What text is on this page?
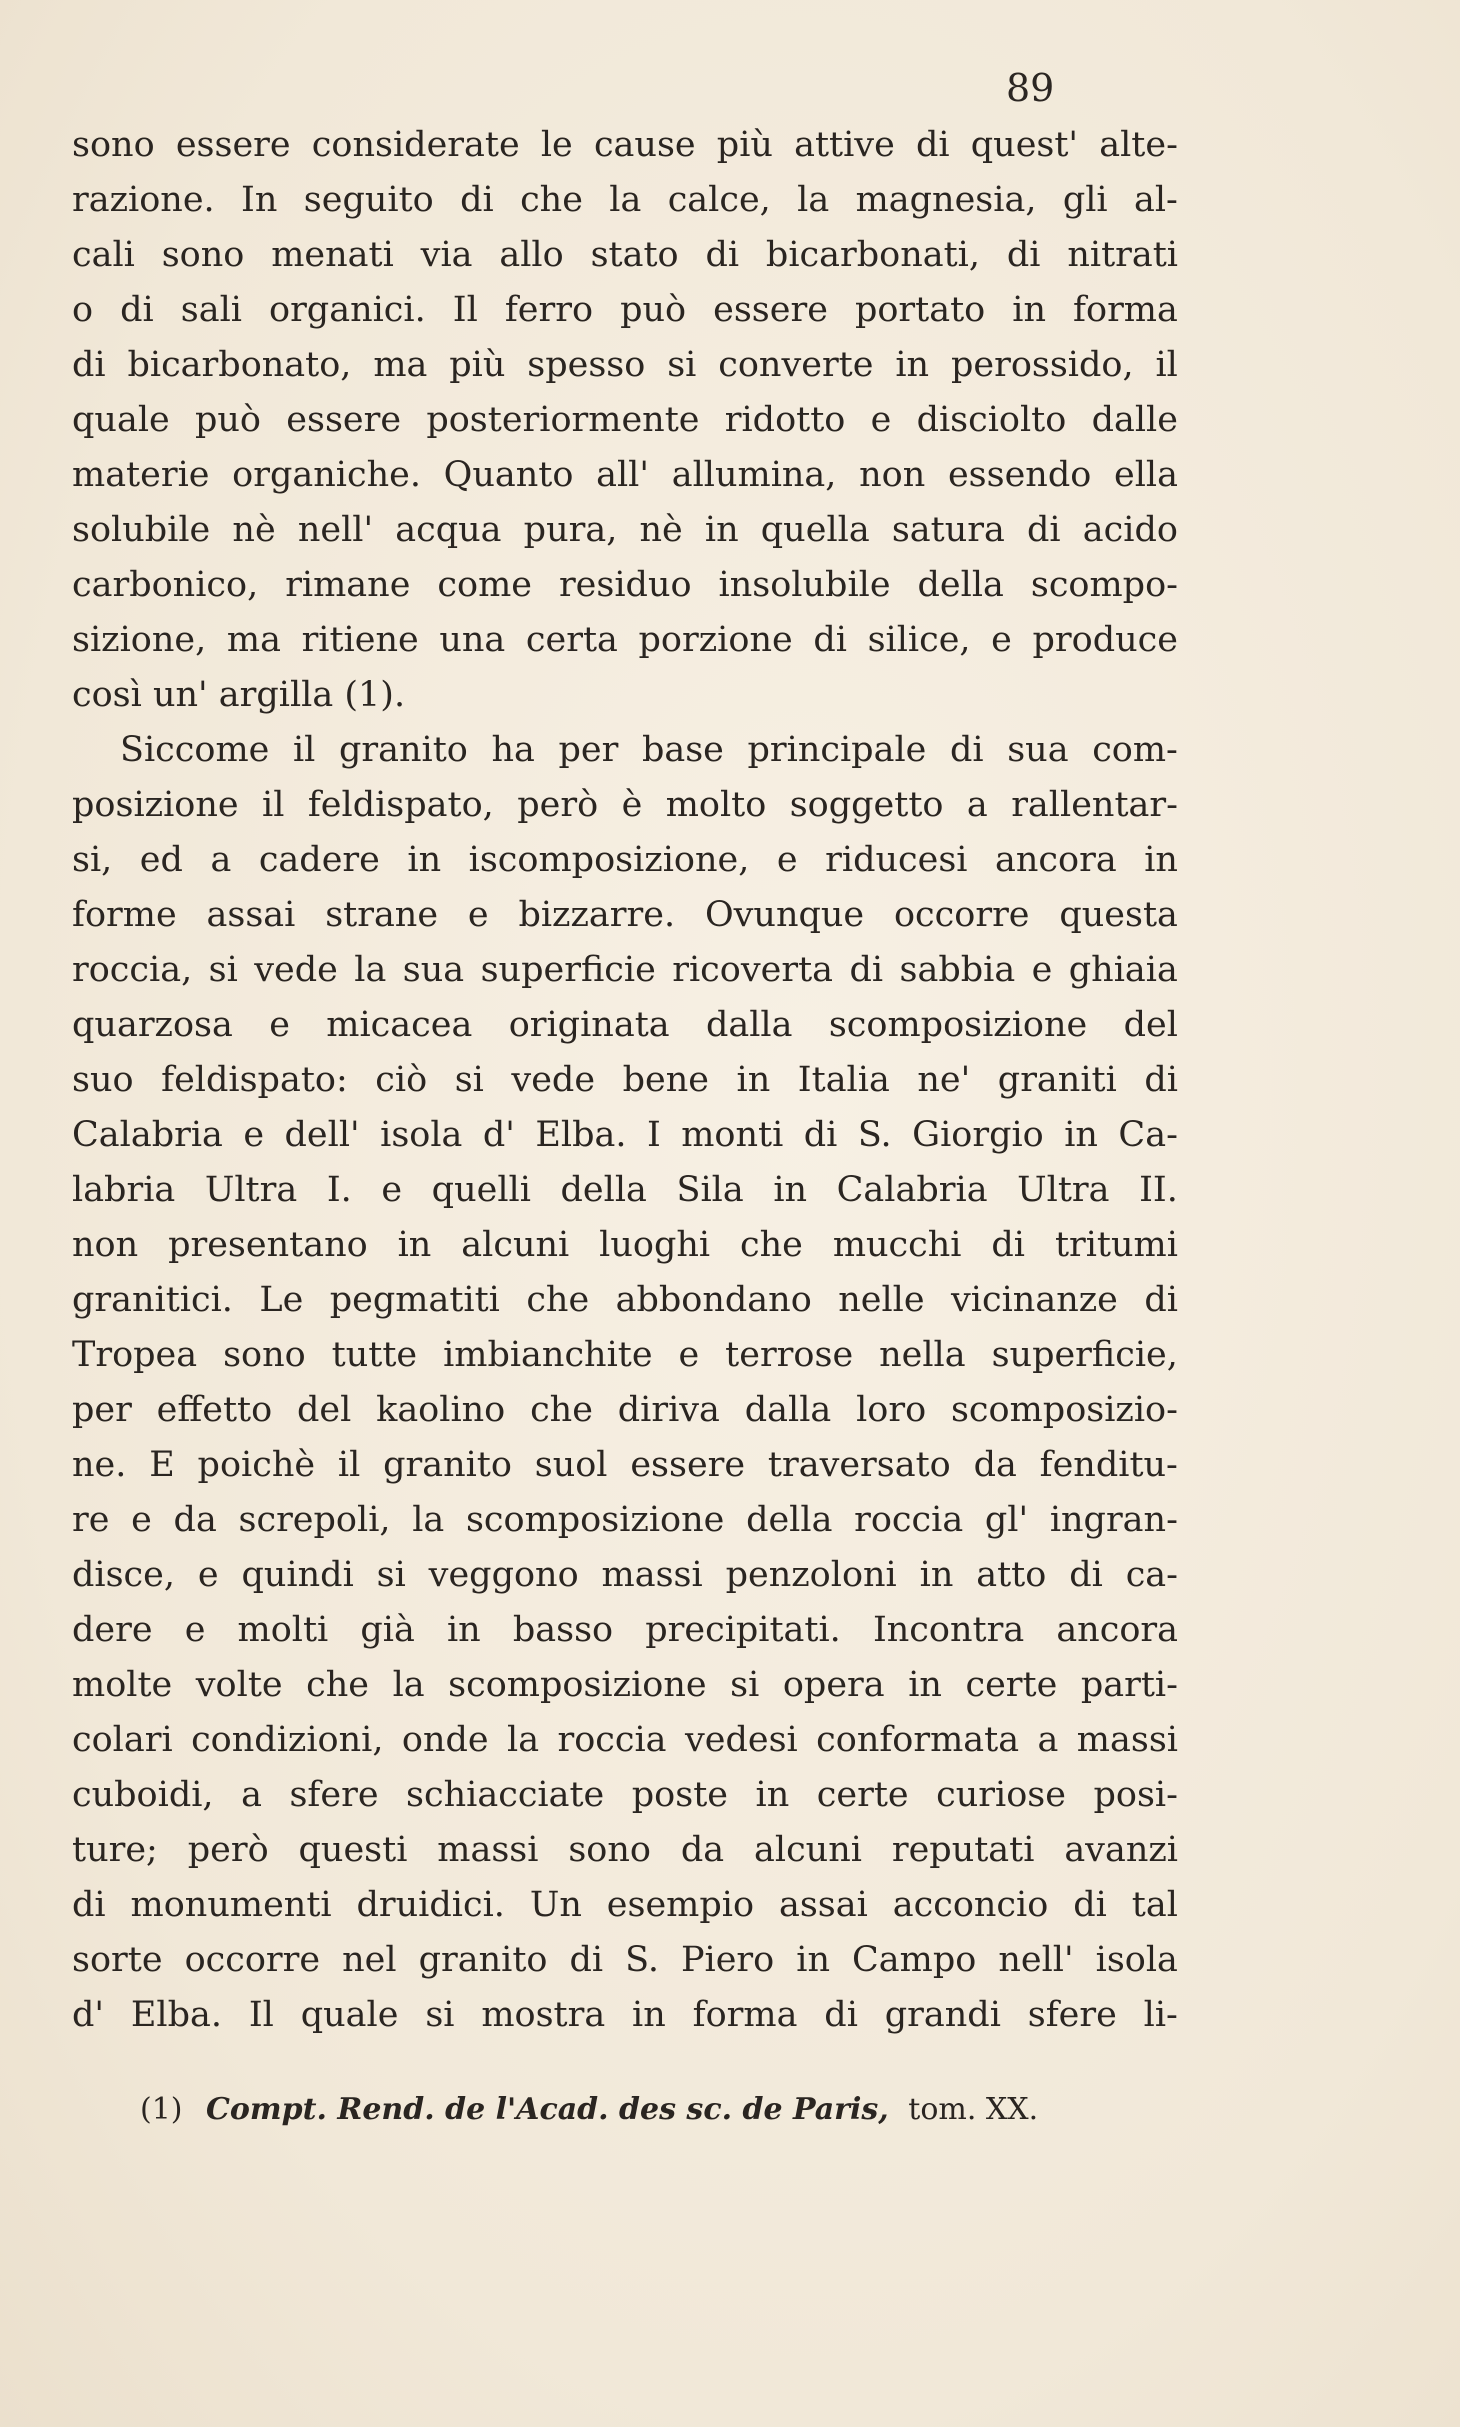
89
sono essere considerate le cause più attive di quest' alte-
razione. In seguito di che la calce, la magnesia, gli al-
cali sono menati via allo stato di bicarbonati, di nitrati
o di sali organici. Il ferro può essere portato in forma
di bicarbonato, ma più spesso si converte in perossido, il
quale può essere posteriormente ridotto e disciolto dalle
materie organiche. Quanto all' allumina, non essendo ella
solubile nè nell' acqua pura, nè in quella satura di acido
carbonico, rimane come residuo insolubile della scompo-
sizione, ma ritiene una certa porzione di silice, e produce
così un' argilla (1).
Siccome il granito ha per base principale di sua com-
posizione il feldispato, però è molto soggetto a rallentar-
si, ed a cadere in iscomposizione, e riducesi ancora in
forme assai strane e bizzarre. Ovunque occorre questa
roccia, si vede la sua superficie ricoverta di sabbia e ghiaia
quarzosa e micacea originata dalla scomposizione del
suo feldispato: ciò si vede bene in Italia ne' graniti di
Calabria e dell' isola d' Elba. I monti di S. Giorgio in Ca-
labria Ultra I. e quelli della Sila in Calabria Ultra II.
non presentano in alcuni luoghi che mucchi di tritumi
granitici. Le pegmatiti che abbondano nelle vicinanze di
Tropea sono tutte imbianchite e terrose nella superficie,
per effetto del kaolino che diriva dalla loro scomposizio-
ne. E poichè il granito suol essere traversato da fenditu-
re e da screpoli, la scomposizione della roccia gl' ingran-
disce, e quindi si veggono massi penzoloni in atto di ca-
dere e molti già in basso precipitati. Incontra ancora
molte volte che la scomposizione si opera in certe parti-
colari condizioni, onde la roccia vedesi conformata a massi
cuboidi, a sfere schiacciate poste in certe curiose posi-
ture; però questi massi sono da alcuni reputati avanzi
di monumenti druidici. Un esempio assai acconcio di tal
sorte occorre nel granito di S. Piero in Campo nell' isola
d' Elba. Il quale si mostra in forma di grandi sfere li-
(1) Compt. Rend. de l'Acad. des sc. de Paris, tom. XX.
